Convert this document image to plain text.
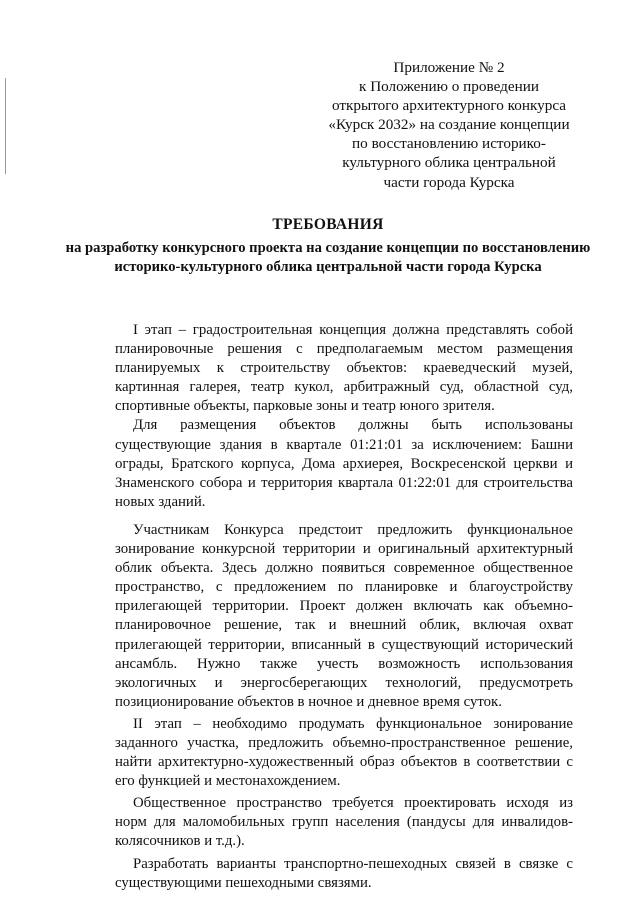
Приложение № 2
к Положению о проведении
открытого архитектурного конкурса
«Курск 2032» на создание концепции
по восстановлению историко-
культурного облика центральной
части города Курска
ТРЕБОВАНИЯ
на разработку конкурсного проекта на создание концепции по восстановлению историко-культурного облика центральной части города Курска

I этап – градостроительная концепция должна представлять собой планировочные решения с предполагаемым местом размещения планируемых к строительству объектов: краеведческий музей, картинная галерея, театр кукол, арбитражный суд, областной суд, спортивные объекты, парковые зоны и театр юного зрителя.

Для размещения объектов должны быть использованы существующие здания в квартале 01:21:01 за исключением: Башни ограды, Братского корпуса, Дома архиерея, Воскресенской церкви и Знаменского собора и территория квартала 01:22:01 для строительства новых зданий.

Участникам Конкурса предстоит предложить функциональное зонирование конкурсной территории и оригинальный архитектурный облик объекта. Здесь должно появиться современное общественное пространство, с предложением по планировке и благоустройству прилегающей территории. Проект должен включать как объемно-планировочное решение, так и внешний облик, включая охват прилегающей территории, вписанный в существующий исторический ансамбль. Нужно также учесть возможность использования экологичных и энергосберегающих технологий, предусмотреть позиционирование объектов в ночное и дневное время суток.

II этап – необходимо продумать функциональное зонирование заданного участка, предложить объемно-пространственное решение, найти архитектурно-художественный образ объектов в соответствии с его функцией и местонахождением.

Общественное пространство требуется проектировать исходя из норм для маломобильных групп населения (пандусы для инвалидов-колясочников и т.д.).

Разработать варианты транспортно-пешеходных связей в связке с существующими пешеходными связями.
